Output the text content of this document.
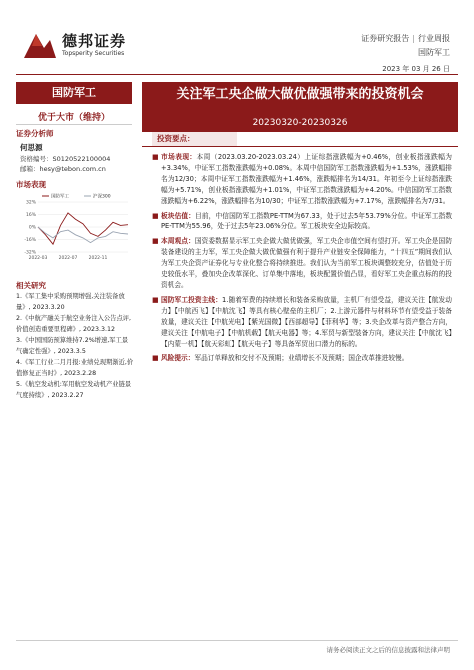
德邦证券
Topsperity Securities
证券研究报告 | 行业周报
国防军工
2023 年 03 月 26 日
国防军工
优于大市（维持）
证券分析师
何思源
资格编号：S0120522100004
邮箱：hesy@tebon.com.cn
市场表现
32%
16%
0%
-16%
-32%
2022-03 2022-07 2022-11
国防军工	沪深300
相关研究
1.《军工集中采购预期增强,关注装备放量》, 2023.3.20
2.《中航产融关于航空业务注入公告点评,价值创造重要里程碑》, 2023.3.12
3.《中国国防预算维持7.2%增速,军工景气确定性强》, 2023.3.5
4.《军工行业二月月报:业绩兑现期渐近,价值修复正当时》, 2023.2.28
5.《航空发动机:军用航空发动机产业链景气度持续》, 2023.2.27
关注军工央企做大做优做强带来的投资机会
20230320-20230326
投资要点：
■ 市场表现：本周（2023.03.20-2023.03.24）上证综指涨跌幅为+0.46%，创业板指涨跌幅为+3.34%，中证军工指数涨跌幅为+0.08%。本周中信国防军工指数涨跌幅为+1.53%，涨跌幅排名为12/30；本周中证军工指数涨跌幅为+1.46%，涨跌幅排名为14/31。年初至今上证综指涨跌幅为+5.71%，创业板指涨跌幅为+1.01%，中证军工指数涨跌幅为+4.20%。中信国防军工指数涨跌幅为+6.22%，涨跌幅排名为10/30；中证军工指数涨跌幅为+7.17%，涨跌幅排名为7/31。
■ 板块估值：目前，中信国防军工指数PE-TTM为67.33，处于过去5年53.79%分位。中证军工指数PE-TTM为55.96，处于过去5年23.06%分位。军工板块安全边际较高。
■ 本周观点：国资委数据显示军工央企做大做优做强，军工央企市值空间有望打开。军工央企是国防装备建设的主力军，军工央企做大做优做强有利于提升产业链安全保障能力，“十四五”期间我们认为军工央企资产证券化与专业化整合将持续推进。我们认为当前军工板块调整较充分，估值处于历史较低水平，叠加央企改革深化、订单集中落地，板块配置价值凸显，看好军工央企重点标的的投资机会。
■ 国防军工投资主线：1.随着军费的持续增长和装备采购放量，主机厂有望受益，建议关注【航发动力】【中航西飞】【中航沈飞】等具有核心壁垒的主机厂；2.上游元器件与材料环节有望受益于装备放量，建议关注【中航光电】【紫光国微】【西部超导】【菲利华】等；3.央企改革与资产整合方向，建议关注【中航电子】【中航机载】【航天电器】等；4.军贸与新型装备方向，建议关注【中航沈飞】【内蒙一机】【航天彩虹】【航天电子】等具备军贸出口潜力的标的。
■ 风险提示：军品订单释放和交付不及预期；业绩增长不及预期；国企改革推进较慢。
请务必阅读正文之后的信息披露和法律声明
